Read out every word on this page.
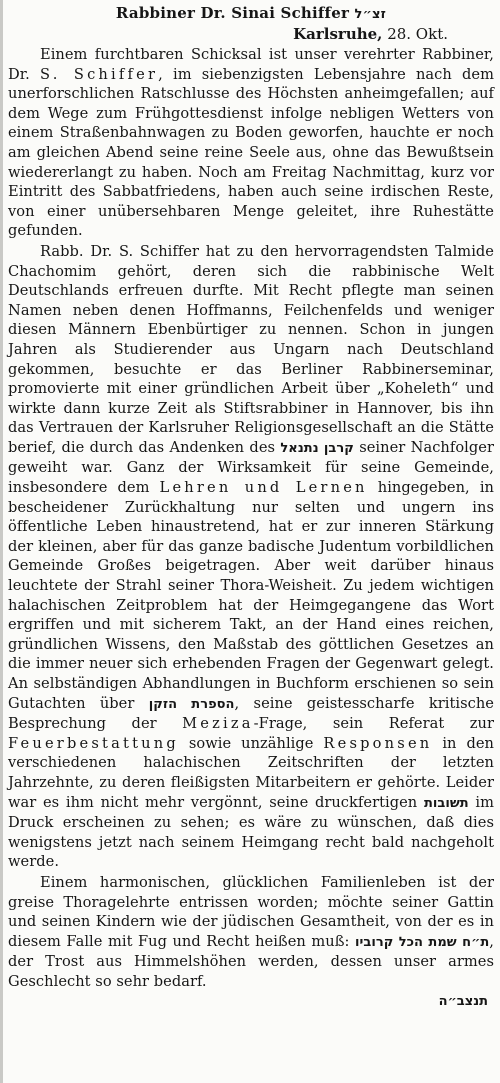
Rabbiner Dr. Sinai Schiffer זצ״ל
Karlsruhe, 28. Okt.

Einem furchtbaren Schicksal ist unser verehrter Rabbiner, Dr. S. Schiffer, im siebenzigsten Lebensjahre nach dem unerforschlichen Ratschlusse des Höchsten anheimgefallen; auf dem Wege zum Frühgottesdienst infolge nebligen Wetters von einem Straßenbahnwagen zu Boden geworfen, hauchte er noch am gleichen Abend seine reine Seele aus, ohne das Bewußtsein wiedererlangt zu haben. Noch am Freitag Nachmittag, kurz vor Eintritt des Sabbatfriedens, haben auch seine irdischen Reste, von einer unübersehbaren Menge geleitet, ihre Ruhestätte gefunden.

Rabb. Dr. S. Schiffer hat zu den hervorragendsten Talmide Chachomim gehört, deren sich die rabbinische Welt Deutschlands erfreuen durfte. Mit Recht pflegte man seinen Namen neben denen Hoffmanns, Feilchenfelds und weniger diesen Männern Ebenbürtiger zu nennen. Schon in jungen Jahren als Studierender aus Ungarn nach Deutschland gekommen, besuchte er das Berliner Rabbinerseminar, promovierte mit einer gründlichen Arbeit über „Koheleth“ und wirkte dann kurze Zeit als Stiftsrabbiner in Hannover, bis ihn das Vertrauen der Karlsruher Religionsgesellschaft an die Stätte berief, die durch das Andenken des קרבן נתנאל seiner Nachfolger geweiht war. Ganz der Wirksamkeit für seine Gemeinde, insbesondere dem Lehren und Lernen hingegeben, in bescheidener Zurückhaltung nur selten und ungern ins öffentliche Leben hinaustretend, hat er zur inneren Stärkung der kleinen, aber für das ganze badische Judentum vorbildlichen Gemeinde Großes beigetragen. Aber weit darüber hinaus leuchtete der Strahl seiner Thora-Weisheit. Zu jedem wichtigen halachischen Zeitproblem hat der Heimgegangene das Wort ergriffen und mit sicherem Takt, an der Hand eines reichen, gründlichen Wissens, den Maßstab des göttlichen Gesetzes an die immer neuer sich erhebenden Fragen der Gegenwart gelegt. An selbständigen Abhandlungen in Buchform erschienen so sein Gutachten über הספרת הזקן, seine geistesscharfe kritische Besprechung der Meziza-Frage, sein Referat zur Feuerbestattung sowie unzählige Responsen in den verschiedenen halachischen Zeitschriften der letzten Jahrzehnte, zu deren fleißigsten Mitarbeitern er gehörte. Leider war es ihm nicht mehr vergönnt, seine druckfertigen תשובות im Druck erscheinen zu sehen; es wäre zu wünschen, daß dies wenigstens jetzt nach seinem Heimgang recht bald nachgeholt werde.

Einem harmonischen, glücklichen Familienleben ist der greise Thoragelehrte entrissen worden; möchte seiner Gattin und seinen Kindern wie der jüdischen Gesamtheit, von der es in diesem Falle mit Fug und Recht heißen muß: ת״ח שמת הכל קרוביו, der Trost aus Himmelshöhen werden, dessen unser armes Geschlecht so sehr bedarf.

תנצב״ה
